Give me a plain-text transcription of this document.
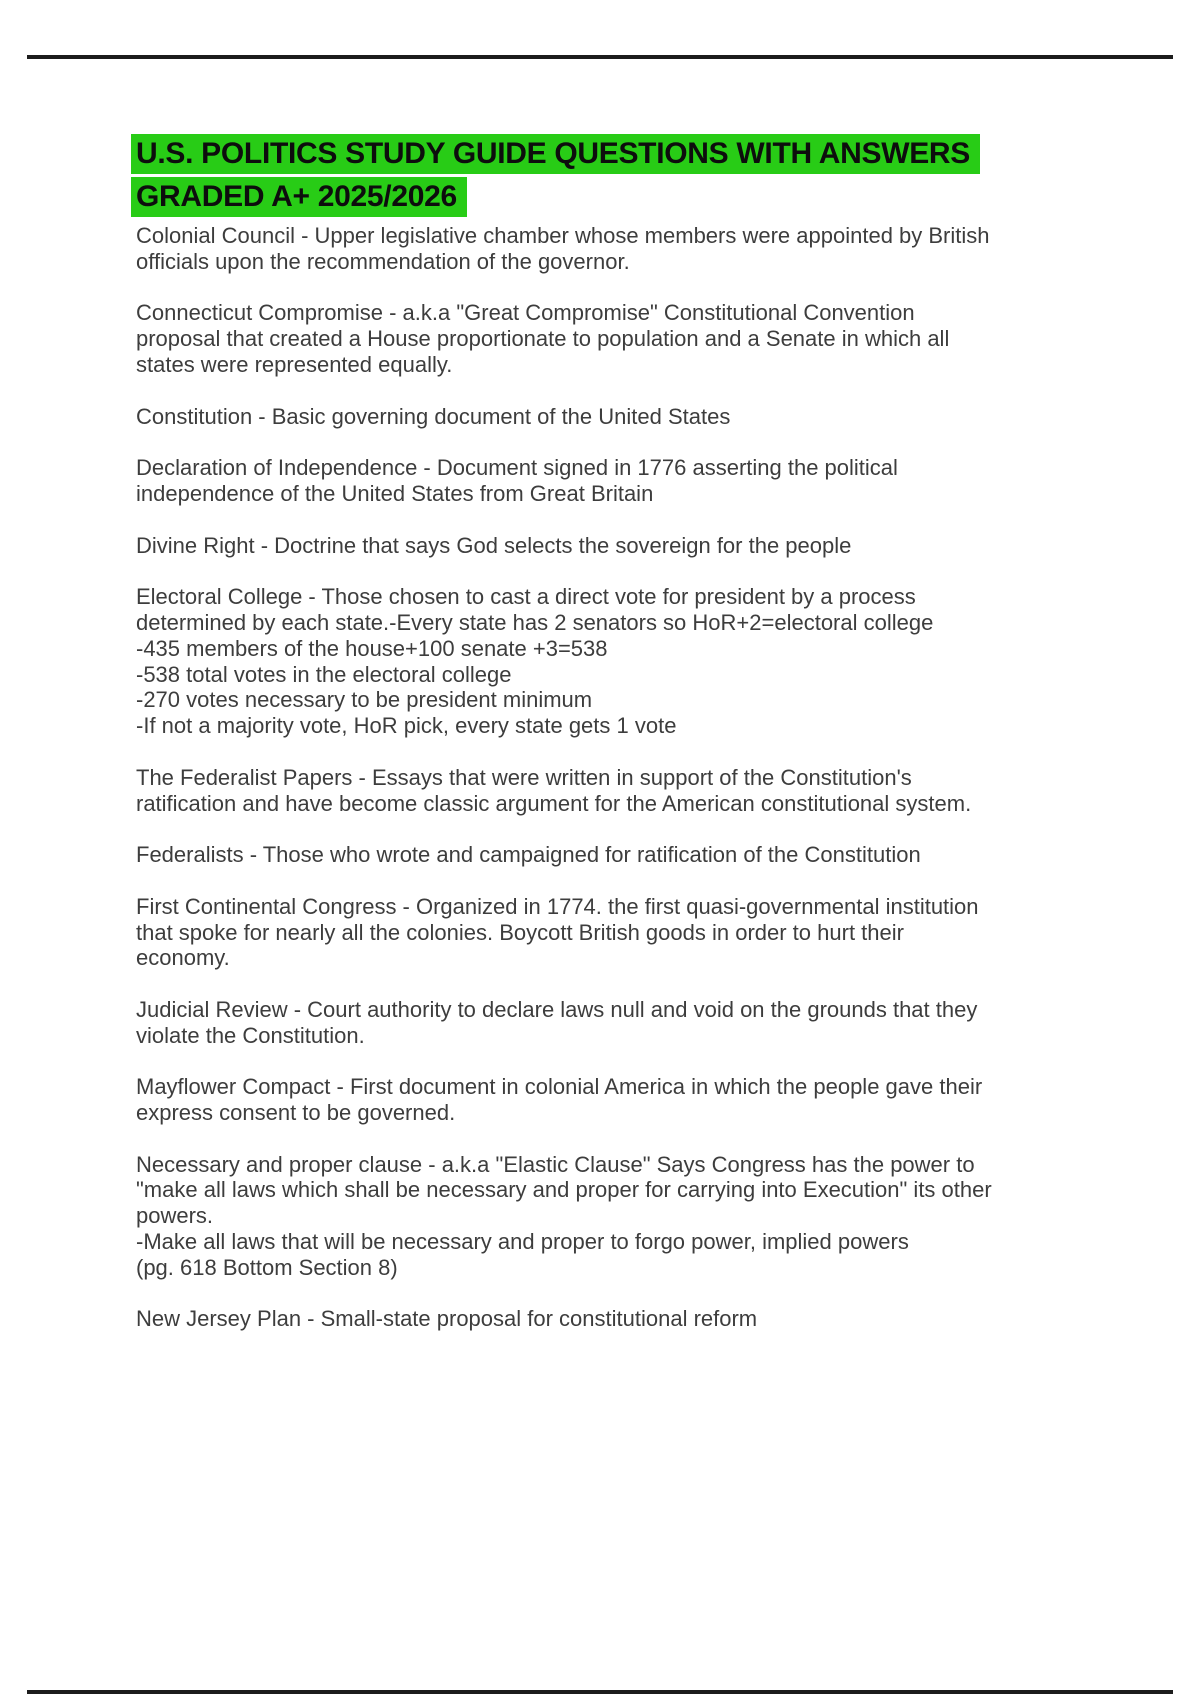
U.S. POLITICS STUDY GUIDE QUESTIONS WITH ANSWERS
GRADED A+ 2025/2026
Colonial Council - Upper legislative chamber whose members were appointed by British
officials upon the recommendation of the governor.
Connecticut Compromise - a.k.a "Great Compromise" Constitutional Convention
proposal that created a House proportionate to population and a Senate in which all
states were represented equally.
Constitution - Basic governing document of the United States
Declaration of Independence - Document signed in 1776 asserting the political
independence of the United States from Great Britain
Divine Right - Doctrine that says God selects the sovereign for the people
Electoral College - Those chosen to cast a direct vote for president by a process
determined by each state.-Every state has 2 senators so HoR+2=electoral college
-435 members of the house+100 senate +3=538
-538 total votes in the electoral college
-270 votes necessary to be president minimum
-If not a majority vote, HoR pick, every state gets 1 vote
The Federalist Papers - Essays that were written in support of the Constitution's
ratification and have become classic argument for the American constitutional system.
Federalists - Those who wrote and campaigned for ratification of the Constitution
First Continental Congress - Organized in 1774. the first quasi-governmental institution
that spoke for nearly all the colonies. Boycott British goods in order to hurt their
economy.
Judicial Review - Court authority to declare laws null and void on the grounds that they
violate the Constitution.
Mayflower Compact - First document in colonial America in which the people gave their
express consent to be governed.
Necessary and proper clause - a.k.a "Elastic Clause" Says Congress has the power to
"make all laws which shall be necessary and proper for carrying into Execution" its other
powers.
-Make all laws that will be necessary and proper to forgo power, implied powers
(pg. 618 Bottom Section 8)
New Jersey Plan - Small-state proposal for constitutional reform
